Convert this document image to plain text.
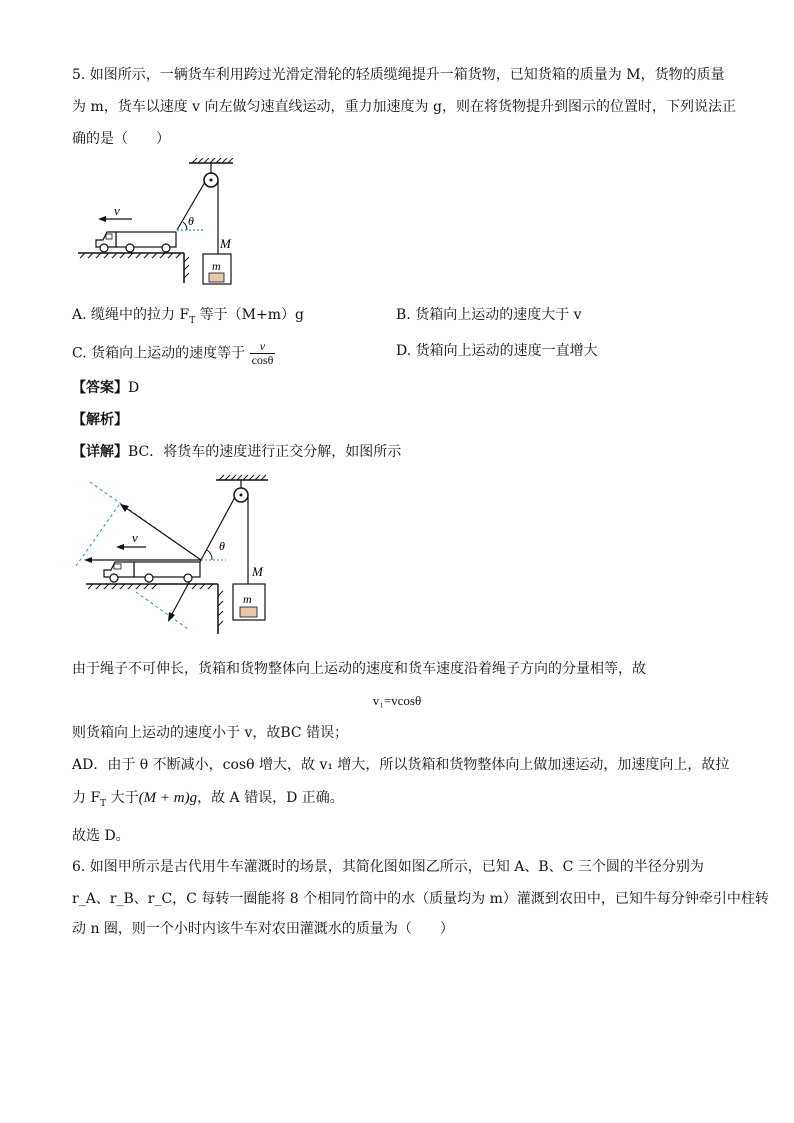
5. 如图所示，一辆货车利用跨过光滑定滑轮的轻质缆绳提升一箱货物，已知货箱的质量为 M，货物的质量
为 m，货车以速度 v 向左做匀速直线运动，重力加速度为 g，则在将货物提升到图示的位置时，下列说法正
确的是（　　）
θ
v
m
M
A. 缆绳中的拉力 $F_T$ 等于（M+m）g	B. 货箱向上运动的速度大于 v
C. 货箱向上运动的速度等于 $\frac{v}{\cos\theta}$	D. 货箱向上运动的速度一直增大
【答案】D
【解析】
【详解】BC．将货车的速度进行正交分解，如图所示
v
θ
m
M
由于绳子不可伸长，货箱和货物整体向上运动的速度和货车速度沿着绳子方向的分量相等，故
v₁=vcosθ
则货箱向上运动的速度小于 v，故BC 错误；
AD．由于 θ 不断减小，cosθ 增大，故 v₁ 增大，所以货箱和货物整体向上做加速运动，加速度向上，故拉
力 $F_T$ 大于(M + m)g，故 A 错误，D 正确。
故选 D。
6. 如图甲所示是古代用牛车灌溉时的场景，其简化图如图乙所示，已知 A、B、C 三个圆的半径分别为
r_A、r_B、r_C，C 每转一圈能将 8 个相同竹筒中的水（质量均为 m）灌溉到农田中，已知牛每分钟牵引中柱转
动 n 圈，则一个小时内该牛车对农田灌溉水的质量为（　　）
